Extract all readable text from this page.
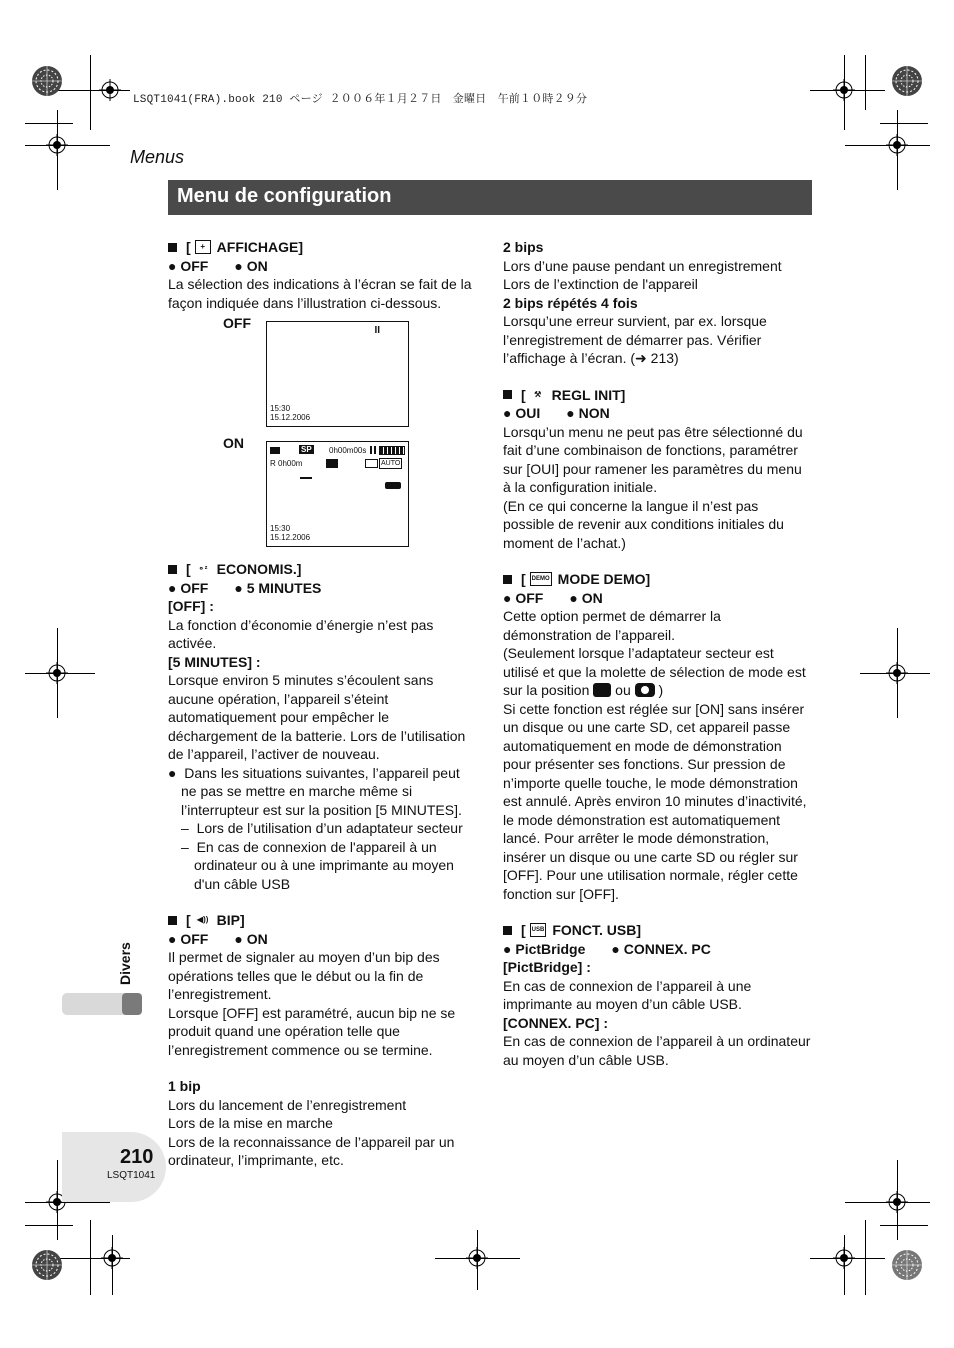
LSQT1041(FRA).book 210 ページ ２００６年１月２７日　金曜日　午前１０時２９分
Menus
Menu de configuration

[	+ AFFICHAGE]

● OFF ● ON

La sélection des indications à l’écran se fait de la façon indiquée dans l’illustration ci-dessous.

OFF	II
15:30
15.12.2006
ON	SP 0h00m00s
R 0h00m	AUTO
15:30
15.12.2006

[ ⚬ᶻ ECONOMIS.]

● OFF ● 5 MINUTES

[OFF] :

La fonction d’économie d’énergie n’est pas activée.

[5 MINUTES] :

Lorsque environ 5 minutes s’écoulent sans aucune opération, l’appareil s’éteint automatiquement pour empêcher le déchargement de la batterie. Lors de l’utilisation de l’appareil, l’activer de nouveau.

●  Dans les situations suivantes, l’appareil peut ne pas se mettre en marche même si l’interrupteur est sur la position [5 MINUTES].

–  Lors de l’utilisation d’un adaptateur secteur

–  En cas de connexion de l'appareil à un ordinateur ou à une imprimante au moyen d'un câble USB

[ ◀)) BIP]

● OFF ● ON

Il permet de signaler au moyen d’un bip des opérations telles que le début ou la fin de l’enregistrement.

Lorsque [OFF] est paramétré, aucun bip ne se produit quand une opération telle que l’enregistrement commence ou se termine.

1 bip

Lors du lancement de l’enregistrement

Lors de la mise en marche

Lors de la reconnaissance de l’appareil par un ordinateur, l’imprimante, etc.

2 bips

Lors d’une pause pendant un enregistrement

Lors de l’extinction de l'appareil

2 bips répétés 4 fois

Lorsqu’une erreur survient, par ex. lorsque l’enregistrement de démarrer pas. Vérifier l’affichage à l’écran. (➜ 213)

[	⚒ REGL INIT]

● OUI ● NON

Lorsqu’un menu ne peut pas être sélectionné du fait d’une combinaison de fonctions, paramétrer sur [OUI] pour ramener les paramètres du menu à la configuration initiale.

(En ce qui concerne la langue il n’est pas possible de revenir aux conditions initiales du moment de l’achat.)

[	DEMO MODE DEMO]

● OFF ● ON

Cette option permet de démarrer la démonstration de l’appareil.

(Seulement lorsque l’adaptateur secteur est utilisé et que la molette de sélection de mode est sur la position ou )

Si cette fonction est réglée sur [ON] sans insérer un disque ou une carte SD, cet appareil passe automatiquement en mode de démonstration pour présenter ses fonctions. Sur pression de n’importe quelle touche, le mode démonstration est annulé. Après environ 10 minutes d’inactivité, le mode démonstration est automatiquement lancé. Pour arrêter le mode démonstration, insérer un disque ou une carte SD ou régler sur [OFF]. Pour une utilisation normale, régler cette fonction sur [OFF].

[	USB FONCT. USB]

● PictBridge ● CONNEX. PC

[PictBridge] :

En cas de connexion de l’appareil à une imprimante au moyen d’un câble USB.

[CONNEX. PC] :

En cas de connexion de l’appareil à un ordinateur au moyen d’un câble USB.

Divers
210
LSQT1041
